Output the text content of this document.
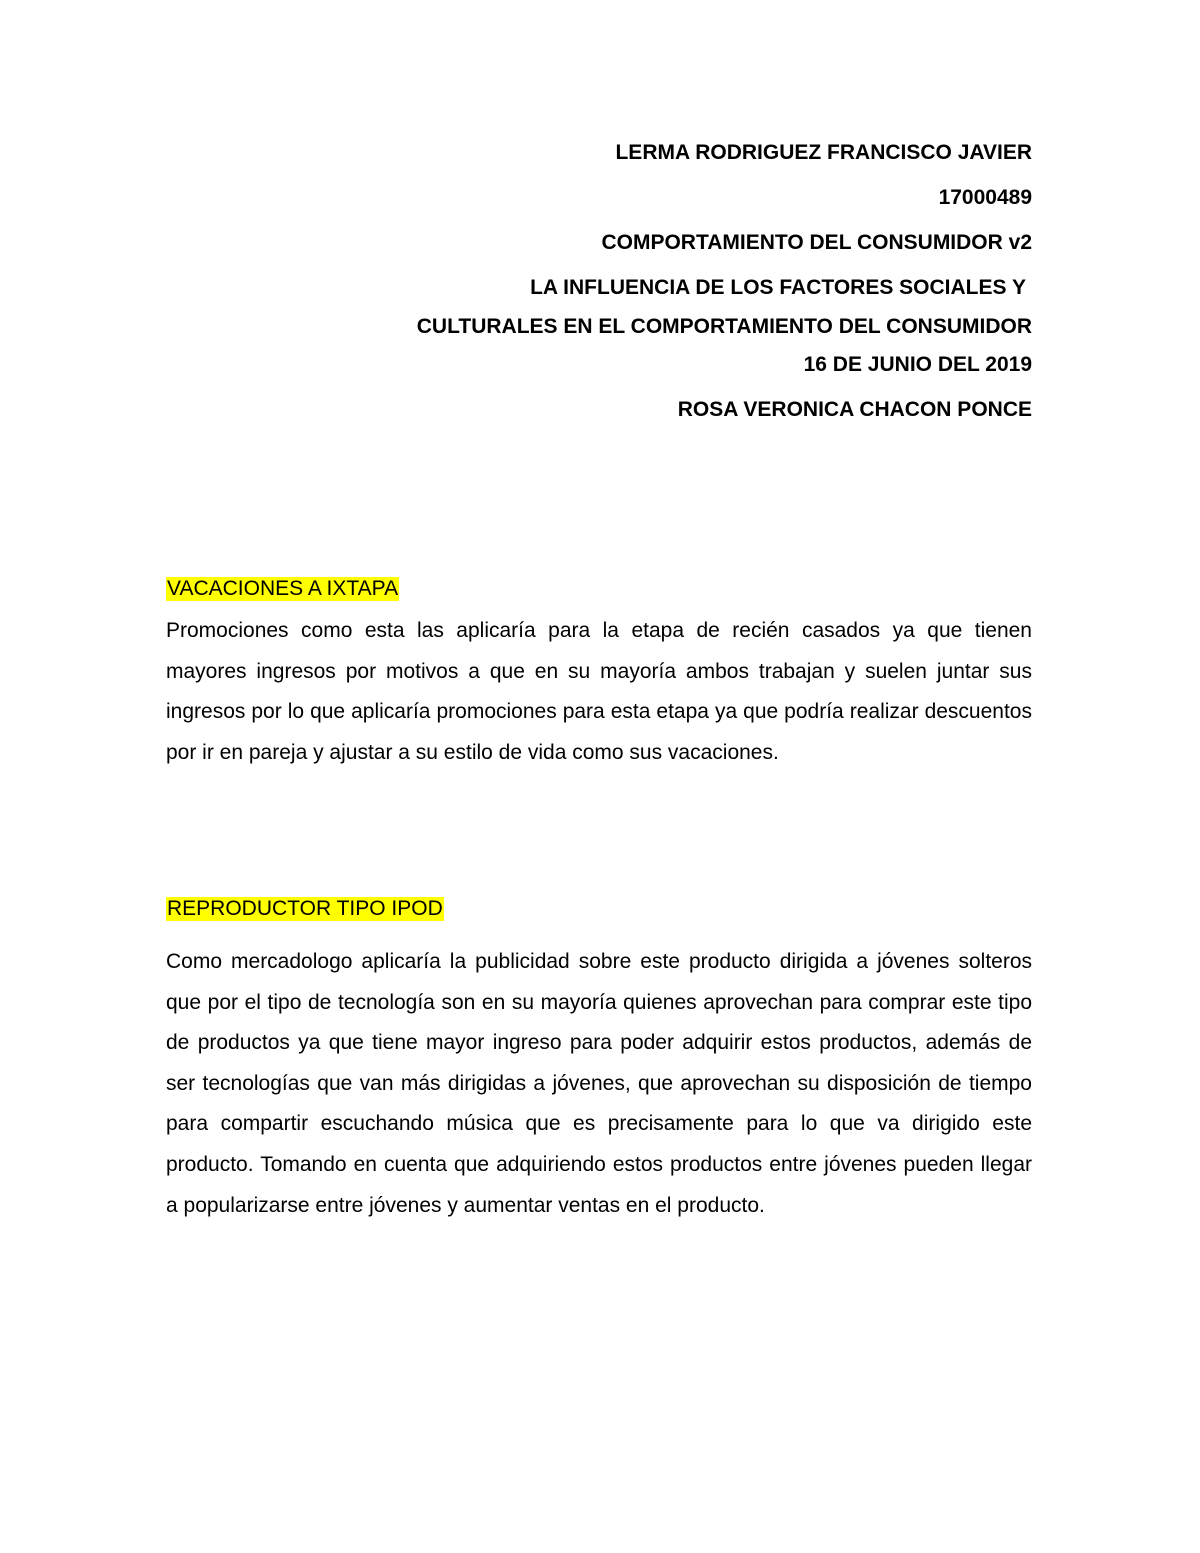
LERMA RODRIGUEZ FRANCISCO JAVIER
17000489
COMPORTAMIENTO DEL CONSUMIDOR v2
LA INFLUENCIA DE LOS FACTORES SOCIALES Y
CULTURALES EN EL COMPORTAMIENTO DEL CONSUMIDOR
16 DE JUNIO DEL 2019
ROSA VERONICA CHACON PONCE
VACACIONES A IXTAPA

Promociones como esta las aplicaría para la etapa de recién casados ya que tienen mayores ingresos por motivos a que en su mayoría ambos trabajan y suelen juntar sus ingresos por lo que aplicaría promociones para esta etapa ya que podría realizar descuentos por ir en pareja y ajustar a su estilo de vida como sus vacaciones.

REPRODUCTOR TIPO IPOD

Como mercadologo aplicaría la publicidad sobre este producto dirigida a jóvenes solteros que por el tipo de tecnología son en su mayoría quienes aprovechan para comprar este tipo de productos ya que tiene mayor ingreso para poder adquirir estos productos, además de ser tecnologías que van más dirigidas a jóvenes, que aprovechan su disposición de tiempo para compartir escuchando música que es precisamente para lo que va dirigido este producto. Tomando en cuenta que adquiriendo estos productos entre jóvenes pueden llegar a popularizarse entre jóvenes y aumentar ventas en el producto.
